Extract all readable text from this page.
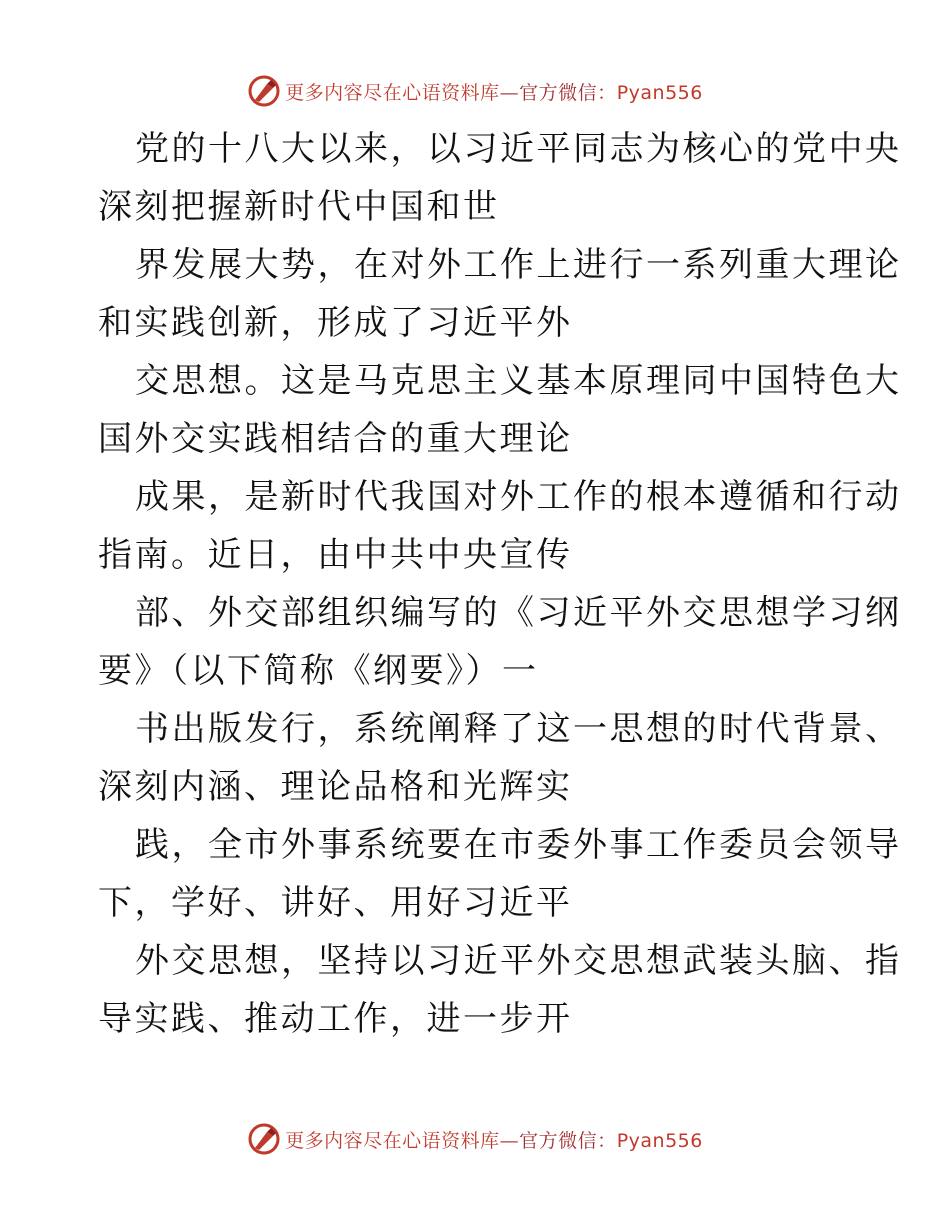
更多内容尽在心语资料库—官方微信：Pyan556
党的十八大以来，以习近平同志为核心的党中央
深刻把握新时代中国和世
界发展大势，在对外工作上进行一系列重大理论
和实践创新，形成了习近平外
交思想。这是马克思主义基本原理同中国特色大
国外交实践相结合的重大理论
成果，是新时代我国对外工作的根本遵循和行动
指南。近日，由中共中央宣传
部、外交部组织编写的《习近平外交思想学习纲
要》（以下简称《纲要》）一
书出版发行，系统阐释了这一思想的时代背景、
深刻内涵、理论品格和光辉实
践，全市外事系统要在市委外事工作委员会领导
下，学好、讲好、用好习近平
外交思想，坚持以习近平外交思想武装头脑、指
导实践、推动工作，进一步开
更多内容尽在心语资料库—官方微信：Pyan556
